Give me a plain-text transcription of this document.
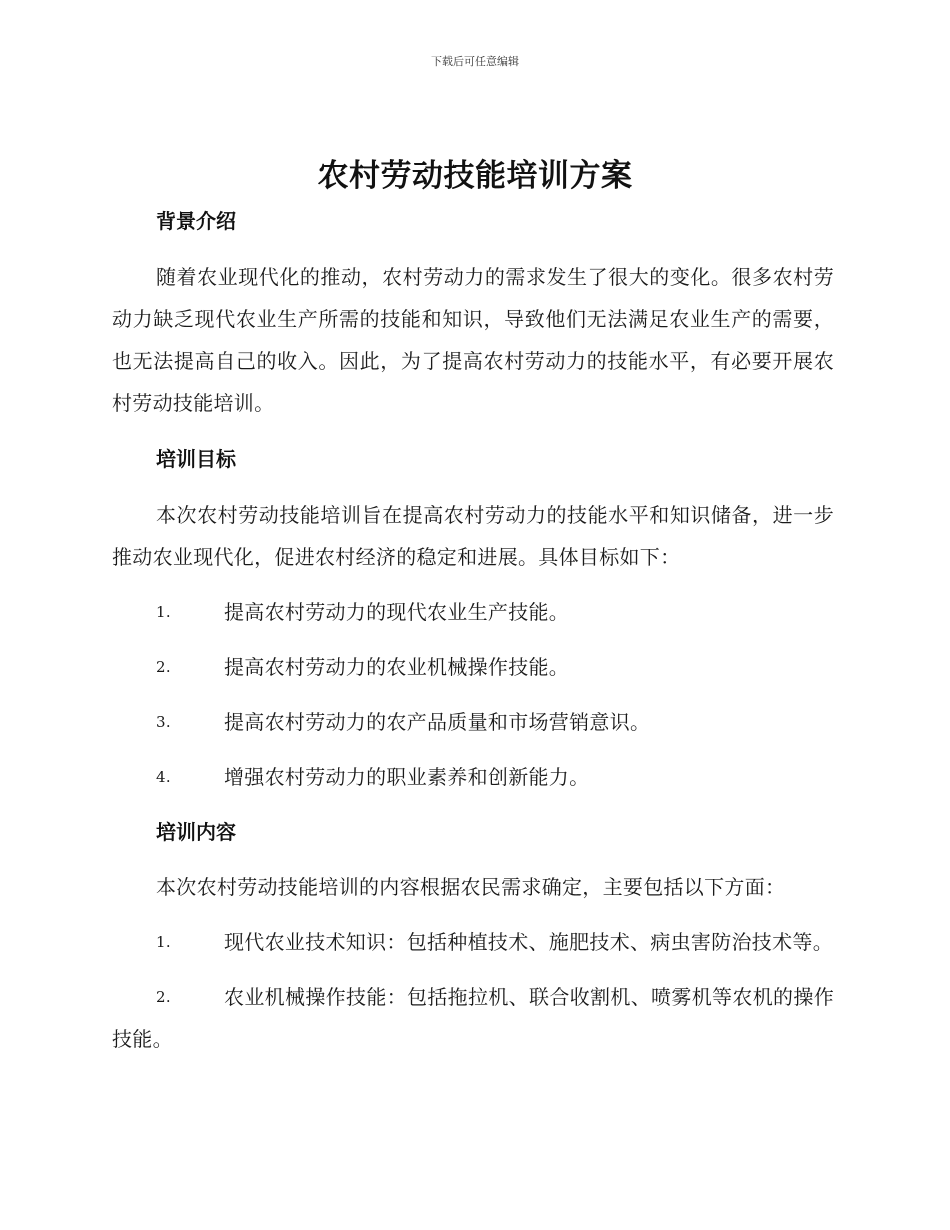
下载后可任意编辑
农村劳动技能培训方案
背景介绍

随着农业现代化的推动，农村劳动力的需求发生了很大的变化。很多农村劳动力缺乏现代农业生产所需的技能和知识，导致他们无法满足农业生产的需要，也无法提高自己的收入。因此，为了提高农村劳动力的技能水平，有必要开展农村劳动技能培训。

培训目标

本次农村劳动技能培训旨在提高农村劳动力的技能水平和知识储备，进一步推动农业现代化，促进农村经济的稳定和进展。具体目标如下：

1.	提高农村劳动力的现代农业生产技能。
2.	提高农村劳动力的农业机械操作技能。
3.	提高农村劳动力的农产品质量和市场营销意识。
4.	增强农村劳动力的职业素养和创新能力。
培训内容

本次农村劳动技能培训的内容根据农民需求确定，主要包括以下方面：

1.	现代农业技术知识：包括种植技术、施肥技术、病虫害防治技术等。
2.	农业机械操作技能：包括拖拉机、联合收割机、喷雾机等农机的操作技能。
